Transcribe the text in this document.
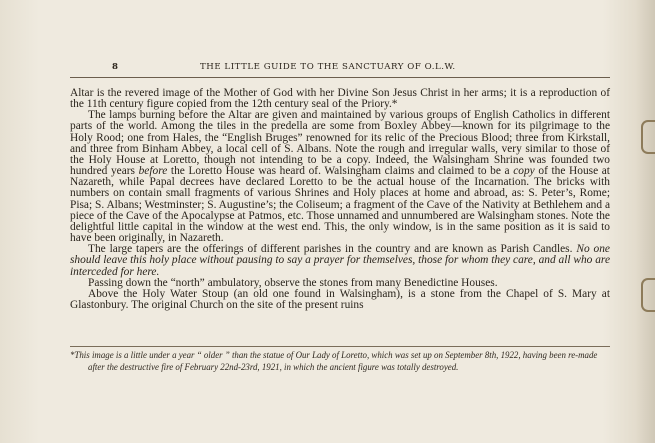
8	THE LITTLE GUIDE TO THE SANCTUARY OF O.L.W.

Altar is the revered image of the Mother of God with her Divine Son Jesus Christ in her arms; it is a reproduction of the 11th century figure copied from the 12th century seal of the Priory.*

The lamps burning before the Altar are given and maintained by various groups of English Catholics in different parts of the world. Among the tiles in the predella are some from Boxley Abbey—known for its pilgrimage to the Holy Rood; one from Hales, the “English Bruges” renowned for its relic of the Precious Blood; three from Kirkstall, and three from Binham Abbey, a local cell of S. Albans. Note the rough and irregular walls, very similar to those of the Holy House at Loretto, though not intending to be a copy. Indeed, the Walsingham Shrine was founded two hundred years before the Loretto House was heard of. Walsingham claims and claimed to be a copy of the House at Nazareth, while Papal decrees have declared Loretto to be the actual house of the Incarnation. The bricks with numbers on contain small fragments of various Shrines and Holy places at home and abroad, as: S. Peter’s, Rome; Pisa; S. Albans; Westminster; S. Augustine’s; the Coliseum; a fragment of the Cave of the Nativity at Bethlehem and a piece of the Cave of the Apocalypse at Patmos, etc. Those unnamed and unnumbered are Walsingham stones. Note the delightful little capital in the window at the west end. This, the only window, is in the same position as it is said to have been originally, in Nazareth.

The large tapers are the offerings of different parishes in the country and are known as Parish Candles. No one should leave this holy place without pausing to say a prayer for themselves, those for whom they care, and all who are interceded for here.

Passing down the “north” ambulatory, observe the stones from many Benedictine Houses.

Above the Holy Water Stoup (an old one found in Walsingham), is a stone from the Chapel of S. Mary at Glastonbury. The original Church on the site of the present ruins

*This image is a little under a year “ older ” than the statue of Our Lady of Loretto, which was set up on September 8th, 1922, having been re-made after the destructive fire of February 22nd-23rd, 1921, in which the ancient figure was totally destroyed.
